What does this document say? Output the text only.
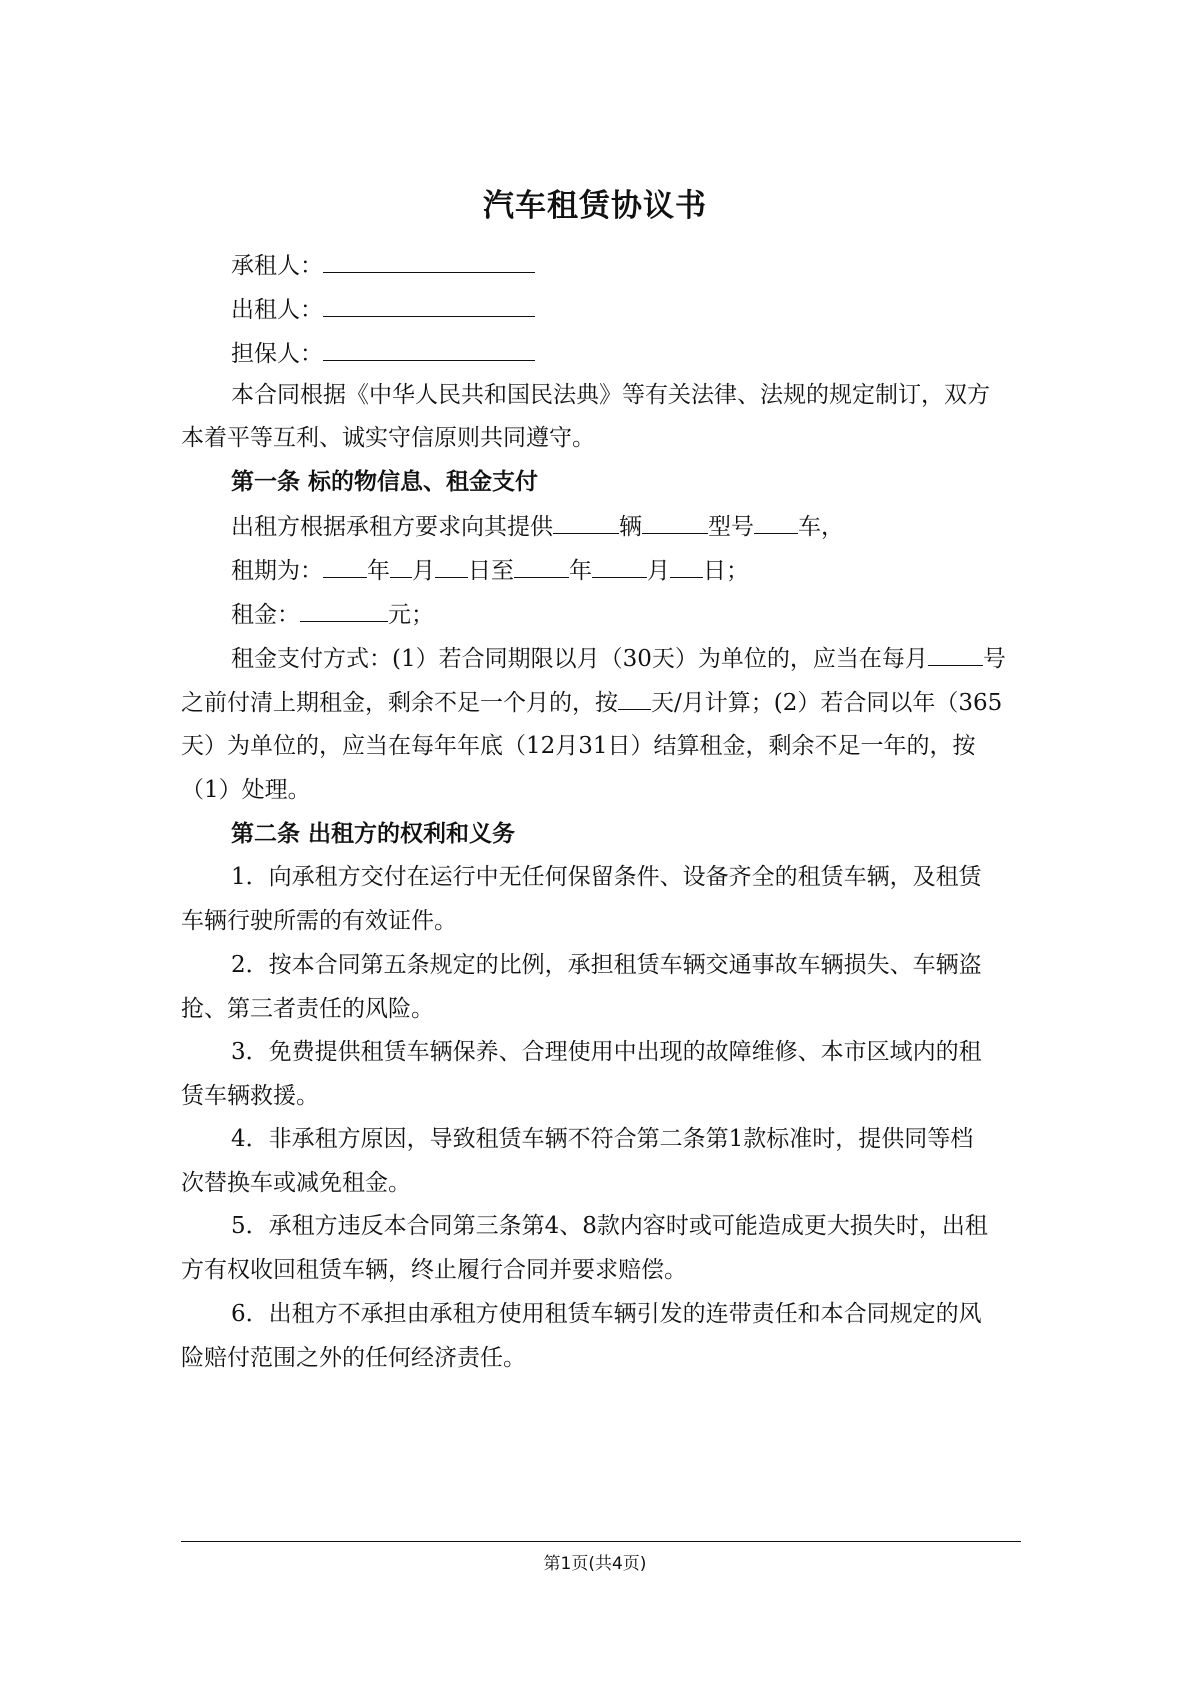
汽车租赁协议书
承租人：
出租人：
担保人：
本合同根据《中华人民共和国民法典》等有关法律、法规的规定制订，双方
本着平等互利、诚实守信原则共同遵守。
第一条 标的物信息、租金支付
出租方根据承租方要求向其提供	辆	型号 车，
租期为： 年 月 日至 年 月 日；
租金：	元；
租金支付方式：(1）若合同期限以月（30天）为单位的，应当在每月 号
之前付清上期租金，剩余不足一个月的，按 天/月计算；(2）若合同以年（365
天）为单位的，应当在每年年底（12月31日）结算租金，剩余不足一年的，按
（1）处理。
第二条 出租方的权利和义务
1．向承租方交付在运行中无任何保留条件、设备齐全的租赁车辆，及租赁
车辆行驶所需的有效证件。
2．按本合同第五条规定的比例，承担租赁车辆交通事故车辆损失、车辆盗
抢、第三者责任的风险。
3．免费提供租赁车辆保养、合理使用中出现的故障维修、本市区域内的租
赁车辆救援。
4．非承租方原因，导致租赁车辆不符合第二条第1款标准时，提供同等档
次替换车或减免租金。
5．承租方违反本合同第三条第4、8款内容时或可能造成更大损失时，出租
方有权收回租赁车辆，终止履行合同并要求赔偿。
6．出租方不承担由承租方使用租赁车辆引发的连带责任和本合同规定的风
险赔付范围之外的任何经济责任。
第1页(共4页)
